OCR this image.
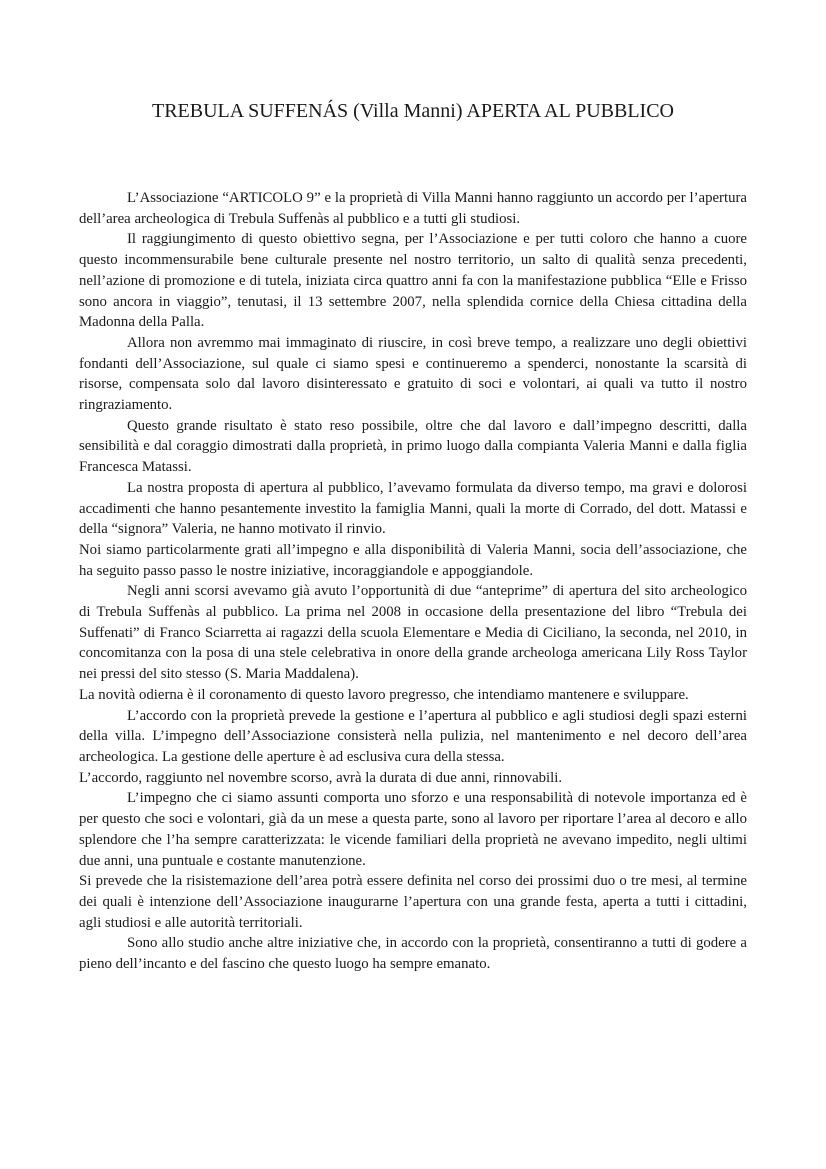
TREBULA SUFFENÁS (Villa Manni) APERTA AL PUBBLICO

L’Associazione “ARTICOLO 9” e la proprietà di Villa Manni hanno raggiunto un accordo per l’apertura dell’area archeologica di Trebula Suffenàs al pubblico e a tutti gli studiosi.

Il raggiungimento di questo obiettivo segna, per l’Associazione e per tutti coloro che hanno a cuore questo incommensurabile bene culturale presente nel nostro territorio, un salto di qualità senza precedenti, nell’azione di promozione e di tutela, iniziata circa quattro anni fa con la manifestazione pubblica “Elle e Frisso sono ancora in viaggio”, tenutasi, il 13 settembre 2007, nella splendida cornice della Chiesa cittadina della Madonna della Palla.

Allora non avremmo mai immaginato di riuscire, in così breve tempo, a realizzare uno degli obiettivi fondanti dell’Associazione, sul quale ci siamo spesi e continueremo a spenderci, nonostante la scarsità di risorse, compensata solo dal lavoro disinteressato e gratuito di soci e volontari, ai quali va tutto il nostro ringraziamento.

Questo grande risultato è stato reso possibile, oltre che dal lavoro e dall’impegno descritti, dalla sensibilità e dal coraggio dimostrati dalla proprietà, in primo luogo dalla compianta Valeria Manni e dalla figlia Francesca Matassi.

La nostra proposta di apertura al pubblico, l’avevamo formulata da diverso tempo, ma gravi e dolorosi accadimenti che hanno pesantemente investito la famiglia Manni, quali la morte di Corrado, del dott. Matassi e della “signora” Valeria, ne hanno motivato il rinvio.

Noi siamo particolarmente grati all’impegno e alla disponibilità di Valeria Manni, socia dell’associazione, che ha seguito passo passo le nostre iniziative, incoraggiandole e appoggiandole.

Negli anni scorsi avevamo già avuto l’opportunità di due “anteprime” di apertura del sito archeologico di Trebula Suffenàs al pubblico. La prima nel 2008 in occasione della presentazione del libro “Trebula dei Suffenati” di Franco Sciarretta ai ragazzi della scuola Elementare e Media di Ciciliano, la seconda, nel 2010, in concomitanza con la posa di una stele celebrativa in onore della grande archeologa americana Lily Ross Taylor nei pressi del sito stesso (S. Maria Maddalena).

La novità odierna è il coronamento di questo lavoro pregresso, che intendiamo mantenere e sviluppare.

L’accordo con la proprietà prevede la gestione e l’apertura al pubblico e agli studiosi degli spazi esterni della villa. L’impegno dell’Associazione consisterà nella pulizia, nel mantenimento e nel decoro dell’area archeologica. La gestione delle aperture è ad esclusiva cura della stessa.

L’accordo, raggiunto nel novembre scorso, avrà la durata di due anni, rinnovabili.

L’impegno che ci siamo assunti comporta uno sforzo e una responsabilità di notevole importanza ed è per questo che soci e volontari, già da un mese a questa parte, sono al lavoro per riportare l’area al decoro e allo splendore che l’ha sempre caratterizzata: le vicende familiari della proprietà ne avevano impedito, negli ultimi due anni, una puntuale e costante manutenzione.

Si prevede che la risistemazione dell’area potrà essere definita nel corso dei prossimi duo o tre mesi, al termine dei quali è intenzione dell’Associazione inaugurarne l’apertura con una grande festa, aperta a tutti i cittadini, agli studiosi e alle autorità territoriali.

Sono allo studio anche altre iniziative che, in accordo con la proprietà, consentiranno a tutti di godere a pieno dell’incanto e del fascino che questo luogo ha sempre emanato.
